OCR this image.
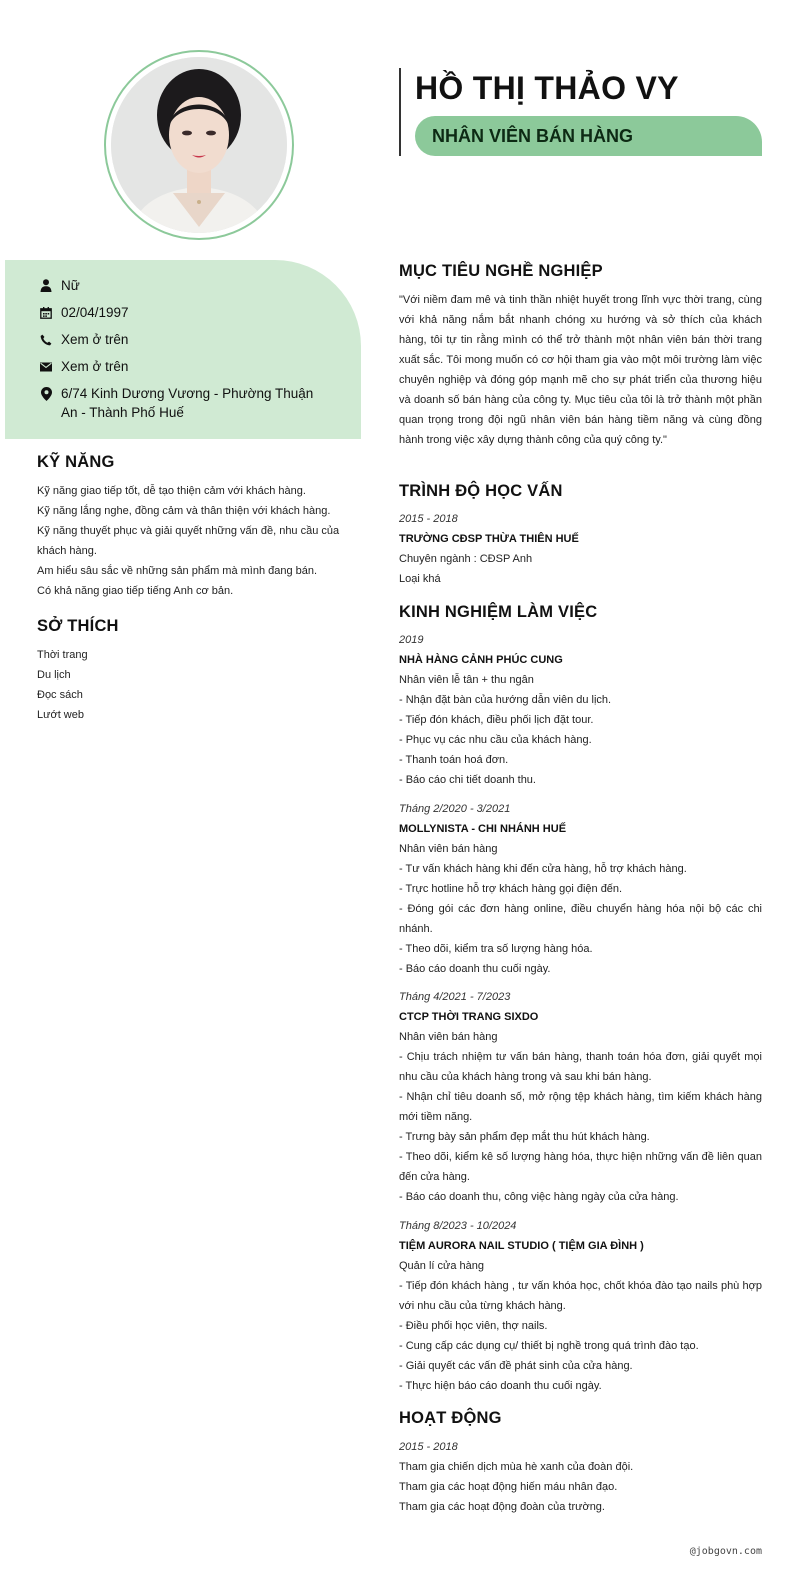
HỒ THỊ THẢO VY
NHÂN VIÊN BÁN HÀNG
Nữ
02/04/1997
Xem ở trên
Xem ở trên
6/74 Kinh Dương Vương - Phường Thuận An - Thành Phố Huế
KỸ NĂNG
Kỹ năng giao tiếp tốt, dễ tạo thiện cảm với khách hàng.
Kỹ năng lắng nghe, đồng cảm và thân thiện với khách hàng.
Kỹ năng thuyết phục và giải quyết những vấn đề, nhu cầu của khách hàng.
Am hiểu sâu sắc về những sản phẩm mà mình đang bán.
Có khả năng giao tiếp tiếng Anh cơ bản.
SỞ THÍCH
Thời trang
Du lịch
Đọc sách
Lướt web
MỤC TIÊU NGHỀ NGHIỆP
"Với niềm đam mê và tinh thần nhiệt huyết trong lĩnh vực thời trang, cùng với khả năng nắm bắt nhanh chóng xu hướng và sở thích của khách hàng, tôi tự tin rằng mình có thể trở thành một nhân viên bán thời trang xuất sắc. Tôi mong muốn có cơ hội tham gia vào một môi trường làm việc chuyên nghiệp và đóng góp mạnh mẽ cho sự phát triển của thương hiệu và doanh số bán hàng của công ty. Mục tiêu của tôi là trở thành một phần quan trọng trong đội ngũ nhân viên bán hàng tiềm năng và cùng đồng hành trong việc xây dựng thành công của quý công ty."
TRÌNH ĐỘ HỌC VẤN
2015 - 2018
TRƯỜNG CĐSP THỪA THIÊN HUẾ
Chuyên ngành : CĐSP Anh
Loại khá
KINH NGHIỆM LÀM VIỆC
2019
NHÀ HÀNG CẢNH PHÚC CUNG
Nhân viên lễ tân + thu ngân
- Nhận đặt bàn của hướng dẫn viên du lịch.
- Tiếp đón khách, điều phối lịch đặt tour.
- Phục vụ các nhu cầu của khách hàng.
- Thanh toán hoá đơn.
- Báo cáo chi tiết doanh thu.
Tháng 2/2020 - 3/2021
MOLLYNISTA - CHI NHÁNH HUẾ
Nhân viên bán hàng
- Tư vấn khách hàng khi đến cửa hàng, hỗ trợ khách hàng.
- Trực hotline hỗ trợ khách hàng gọi điện đến.
- Đóng gói các đơn hàng online, điều chuyển hàng hóa nội bộ các chi nhánh.
- Theo dõi, kiểm tra số lượng hàng hóa.
- Báo cáo doanh thu cuối ngày.
Tháng 4/2021 - 7/2023
CTCP THỜI TRANG SIXDO
Nhân viên bán hàng
- Chịu trách nhiệm tư vấn bán hàng, thanh toán hóa đơn, giải quyết mọi nhu cầu của khách hàng trong và sau khi bán hàng.
- Nhận chỉ tiêu doanh số, mở rộng tệp khách hàng, tìm kiếm khách hàng mới tiềm năng.
- Trưng bày sản phẩm đẹp mắt thu hút khách hàng.
- Theo dõi, kiểm kê số lượng hàng hóa, thực hiện những vấn đề liên quan đến cửa hàng.
- Báo cáo doanh thu, công việc hàng ngày của cửa hàng.
Tháng 8/2023 - 10/2024
TIỆM AURORA NAIL STUDIO ( TIỆM GIA ĐÌNH )
Quản lí cửa hàng
- Tiếp đón khách hàng , tư vấn khóa học, chốt khóa đào tạo nails phù hợp với nhu cầu của từng khách hàng.
- Điều phối học viên, thợ nails.
- Cung cấp các dụng cụ/ thiết bị nghề trong quá trình đào tạo.
- Giải quyết các vấn đề phát sinh của cửa hàng.
- Thực hiện báo cáo doanh thu cuối ngày.
HOẠT ĐỘNG
2015 - 2018
Tham gia chiến dịch mùa hè xanh của đoàn đội.
Tham gia các hoạt động hiến máu nhân đạo.
Tham gia các hoạt động đoàn của trường.
@jobgovn.com
